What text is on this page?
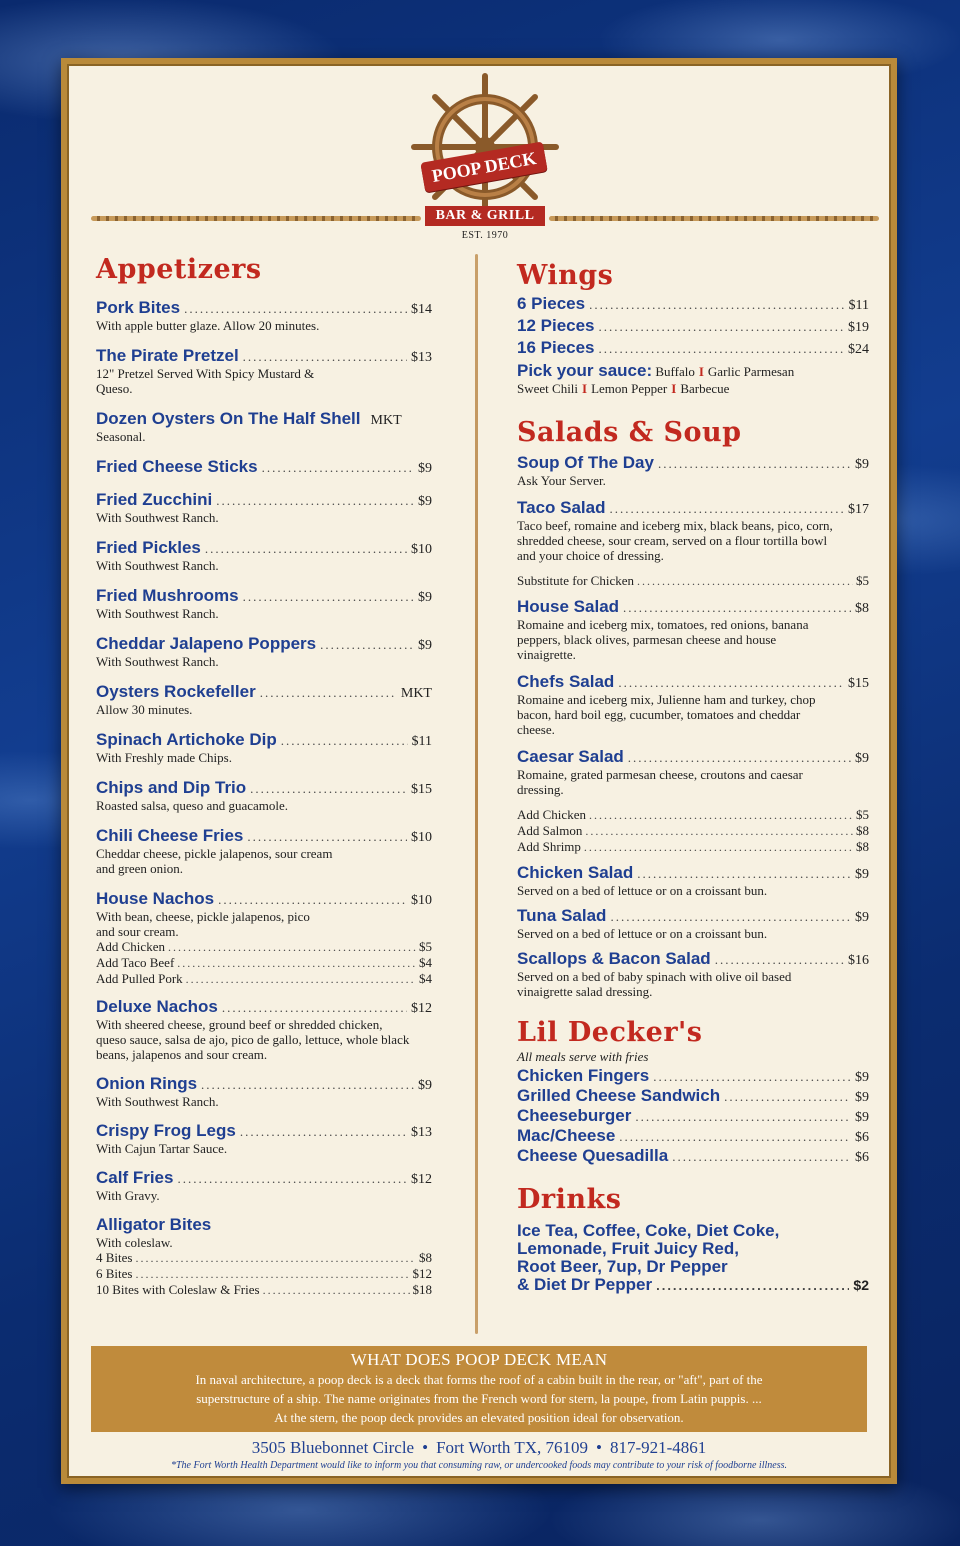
POOP DECK
BAR & GRILL
EST. 1970
Appetizers
Pork Bites .....	$14
With apple butter glaze. Allow 20 minutes.
The Pirate Pretzel .....	$13
12" Pretzel Served With Spicy Mustard & Queso.
Dozen Oysters On The Half Shell MKT
Seasonal.
Fried Cheese Sticks .....	$9
Fried Zucchini .....	$9
With Southwest Ranch.
Fried Pickles .....	$10
With Southwest Ranch.
Fried Mushrooms .....	$9
With Southwest Ranch.
Cheddar Jalapeno Poppers .....	$9
With Southwest Ranch.
Oysters Rockefeller .....	MKT
Allow 30 minutes.
Spinach Artichoke Dip .....	$11
With Freshly made Chips.
Chips and Dip Trio .....	$15
Roasted salsa, queso and guacamole.
Chili Cheese Fries .....	$10
Cheddar cheese, pickle jalapenos, sour cream and green onion.
House Nachos .....	$10
With bean, cheese, pickle jalapenos, pico and sour cream.
Add Chicken .....	$5
Add Taco Beef .....	$4
Add Pulled Pork .....	$4
Deluxe Nachos .....	$12
With sheered cheese, ground beef or shredded chicken, queso sauce, salsa de ajo, pico de gallo, lettuce, whole black beans, jalapenos and sour cream.
Onion Rings .....	$9
With Southwest Ranch.
Crispy Frog Legs .....	$13
With Cajun Tartar Sauce.
Calf Fries .....	$12
With Gravy.
Alligator Bites
With coleslaw.
4 Bites .....	$8
6 Bites .....	$12
10 Bites with Coleslaw & Fries .....	$18
Wings
6 Pieces .....	$11
12 Pieces .....	$19
16 Pieces .....	$24
Pick your sauce: Buffalo I Garlic Parmesan
Sweet Chili I Lemon Pepper I Barbecue
Salads & Soup
Soup Of The Day .....	$9
Ask Your Server.
Taco Salad .....	$17
Taco beef, romaine and iceberg mix, black beans, pico, corn, shredded cheese, sour cream, served on a flour tortilla bowl and your choice of dressing.
Substitute for Chicken .....	$5
House Salad .....	$8
Romaine and iceberg mix, tomatoes, red onions, banana peppers, black olives, parmesan cheese and house vinaigrette.
Chefs Salad .....	$15
Romaine and iceberg mix, Julienne ham and turkey, chop bacon, hard boil egg, cucumber, tomatoes and cheddar cheese.
Caesar Salad .....	$9
Romaine, grated parmesan cheese, croutons and caesar dressing.
Add Chicken .....	$5
Add Salmon .....	$8
Add Shrimp .....	$8
Chicken Salad .....	$9
Served on a bed of lettuce or on a croissant bun.
Tuna Salad .....	$9
Served on a bed of lettuce or on a croissant bun.
Scallops & Bacon Salad .....	$16
Served on a bed of baby spinach with olive oil based vinaigrette salad dressing.
Lil Decker's
All meals serve with fries
Chicken Fingers .....	$9
Grilled Cheese Sandwich .....	$9
Cheeseburger .....	$9
Mac/Cheese .....	$6
Cheese Quesadilla .....	$6
Drinks
Ice Tea, Coffee, Coke, Diet Coke,
Lemonade, Fruit Juicy Red,
Root Beer, 7up, Dr Pepper
& Diet Dr Pepper .....	$2
WHAT DOES POOP DECK MEAN
In naval architecture, a poop deck is a deck that forms the roof of a cabin built in the rear, or "aft", part of the
superstructure of a ship. The name originates from the French word for stern, la poupe, from Latin puppis. ...
At the stern, the poop deck provides an elevated position ideal for observation.
3505 Bluebonnet Circle • Fort Worth TX, 76109 • 817-921-4861
*The Fort Worth Health Department would like to inform you that consuming raw, or undercooked foods may contribute to your risk of foodborne illness.
